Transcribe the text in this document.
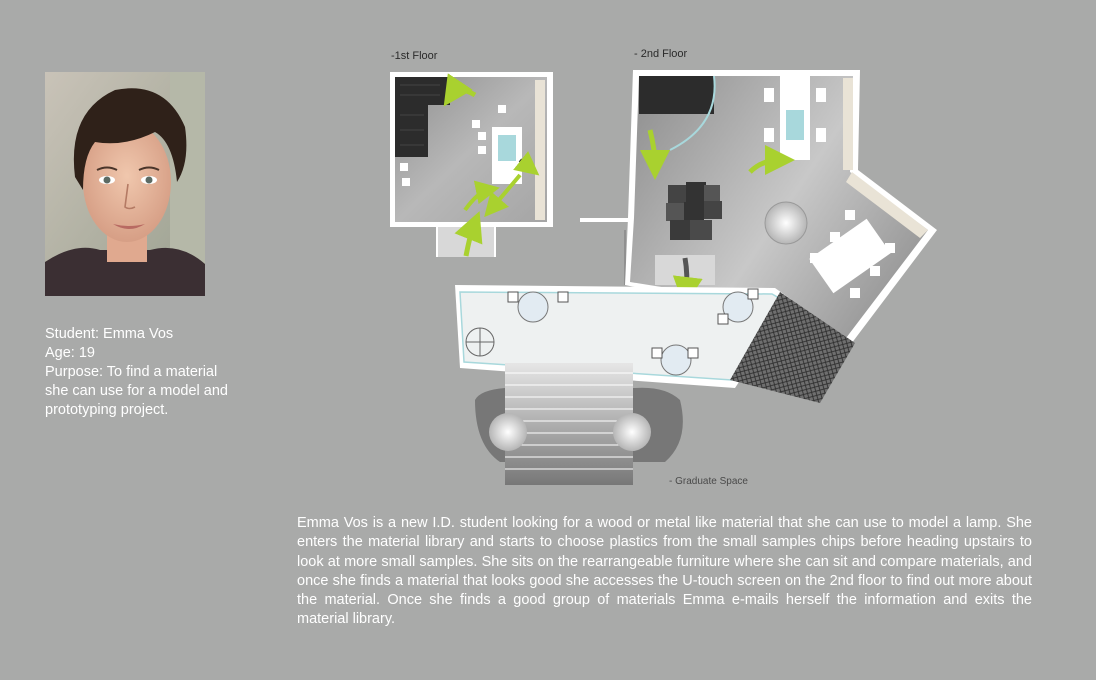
Student: Emma Vos
Age: 19
Purpose: To find a material
she can use for a model and
prototyping project.
-1st Floor	- 2nd Floor
- Graduate Space
Emma Vos is a new I.D. student looking for a wood or metal like material that she can use to model a lamp. She enters the material library and starts to choose plastics from the small samples chips before heading upstairs to look at more small samples. She sits on the rearrangeable furniture where she can sit and compare materials, and once she finds a material that looks good she accesses the U-touch screen on the 2nd floor to find out more about the material. Once she finds a good group of materials Emma e-mails herself the information and exits the material library.
